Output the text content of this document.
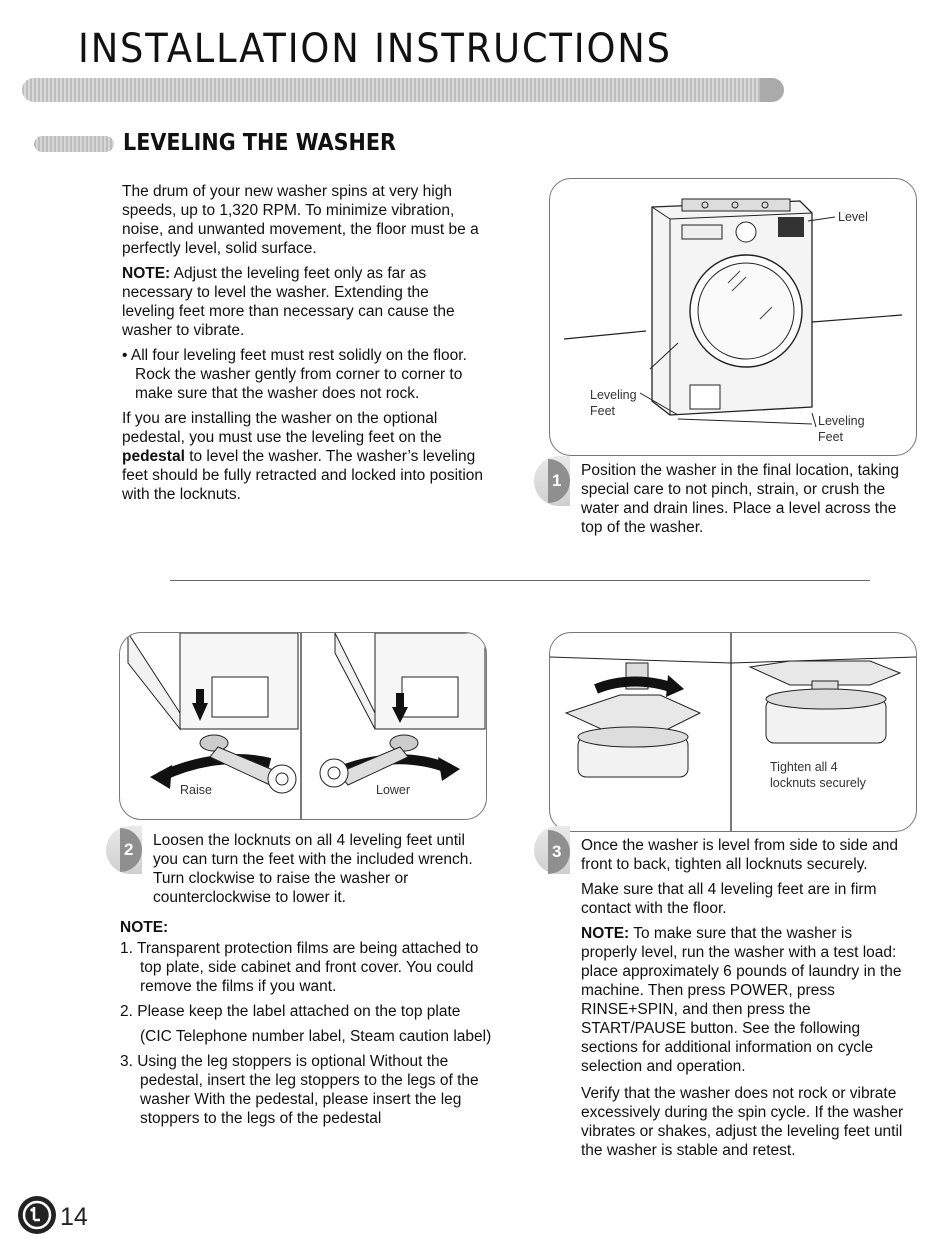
INSTALLATION INSTRUCTIONS
LEVELING THE WASHER

The drum of your new washer spins at very high speeds, up to 1,320 RPM. To minimize vibration, noise, and unwanted movement, the floor must be a perfectly level, solid surface.

NOTE: Adjust the leveling feet only as far as necessary to level the washer. Extending the leveling feet more than necessary can cause the washer to vibrate.

• All four leveling feet must rest solidly on the floor. Rock the washer gently from corner to corner to make sure that the washer does not rock.

If you are installing the washer on the optional pedestal, you must use the leveling feet on the pedestal to level the washer. The washer’s leveling feet should be fully retracted and locked into position with the locknuts.

Level
Leveling
Feet
Leveling
Feet
1
Position the washer in the final location, taking special care to not pinch, strain, or crush the water and drain lines. Place a level across the top of the washer.
Raise	Lower
2	Loosen the locknuts on all 4 leveling feet until you can turn the feet with the included wrench. Turn clockwise to raise the washer or counterclockwise to lower it.

NOTE:

1. Transparent protection films are being attached to top plate, side cabinet and front cover. You could remove the films if you want.

2. Please keep the label attached on the top plate

(CIC Telephone number label, Steam caution label)

3. Using the leg stoppers is optional Without the pedestal, insert the leg stoppers to the legs of the washer With the pedestal, please insert the leg stoppers to the legs of the pedestal

Tighten all 4
locknuts securely
3	Once the washer is level from side to side and front to back, tighten all locknuts securely.

Make sure that all 4 leveling feet are in firm contact with the floor.

NOTE: To make sure that the washer is properly level, run the washer with a test load: place approximately 6 pounds of laundry in the machine. Then press POWER, press RINSE+SPIN, and then press the START/PAUSE button. See the following sections for additional information on cycle selection and operation.

Verify that the washer does not rock or vibrate excessively during the spin cycle. If the washer vibrates or shakes, adjust the leveling feet until the washer is stable and retest.

14
